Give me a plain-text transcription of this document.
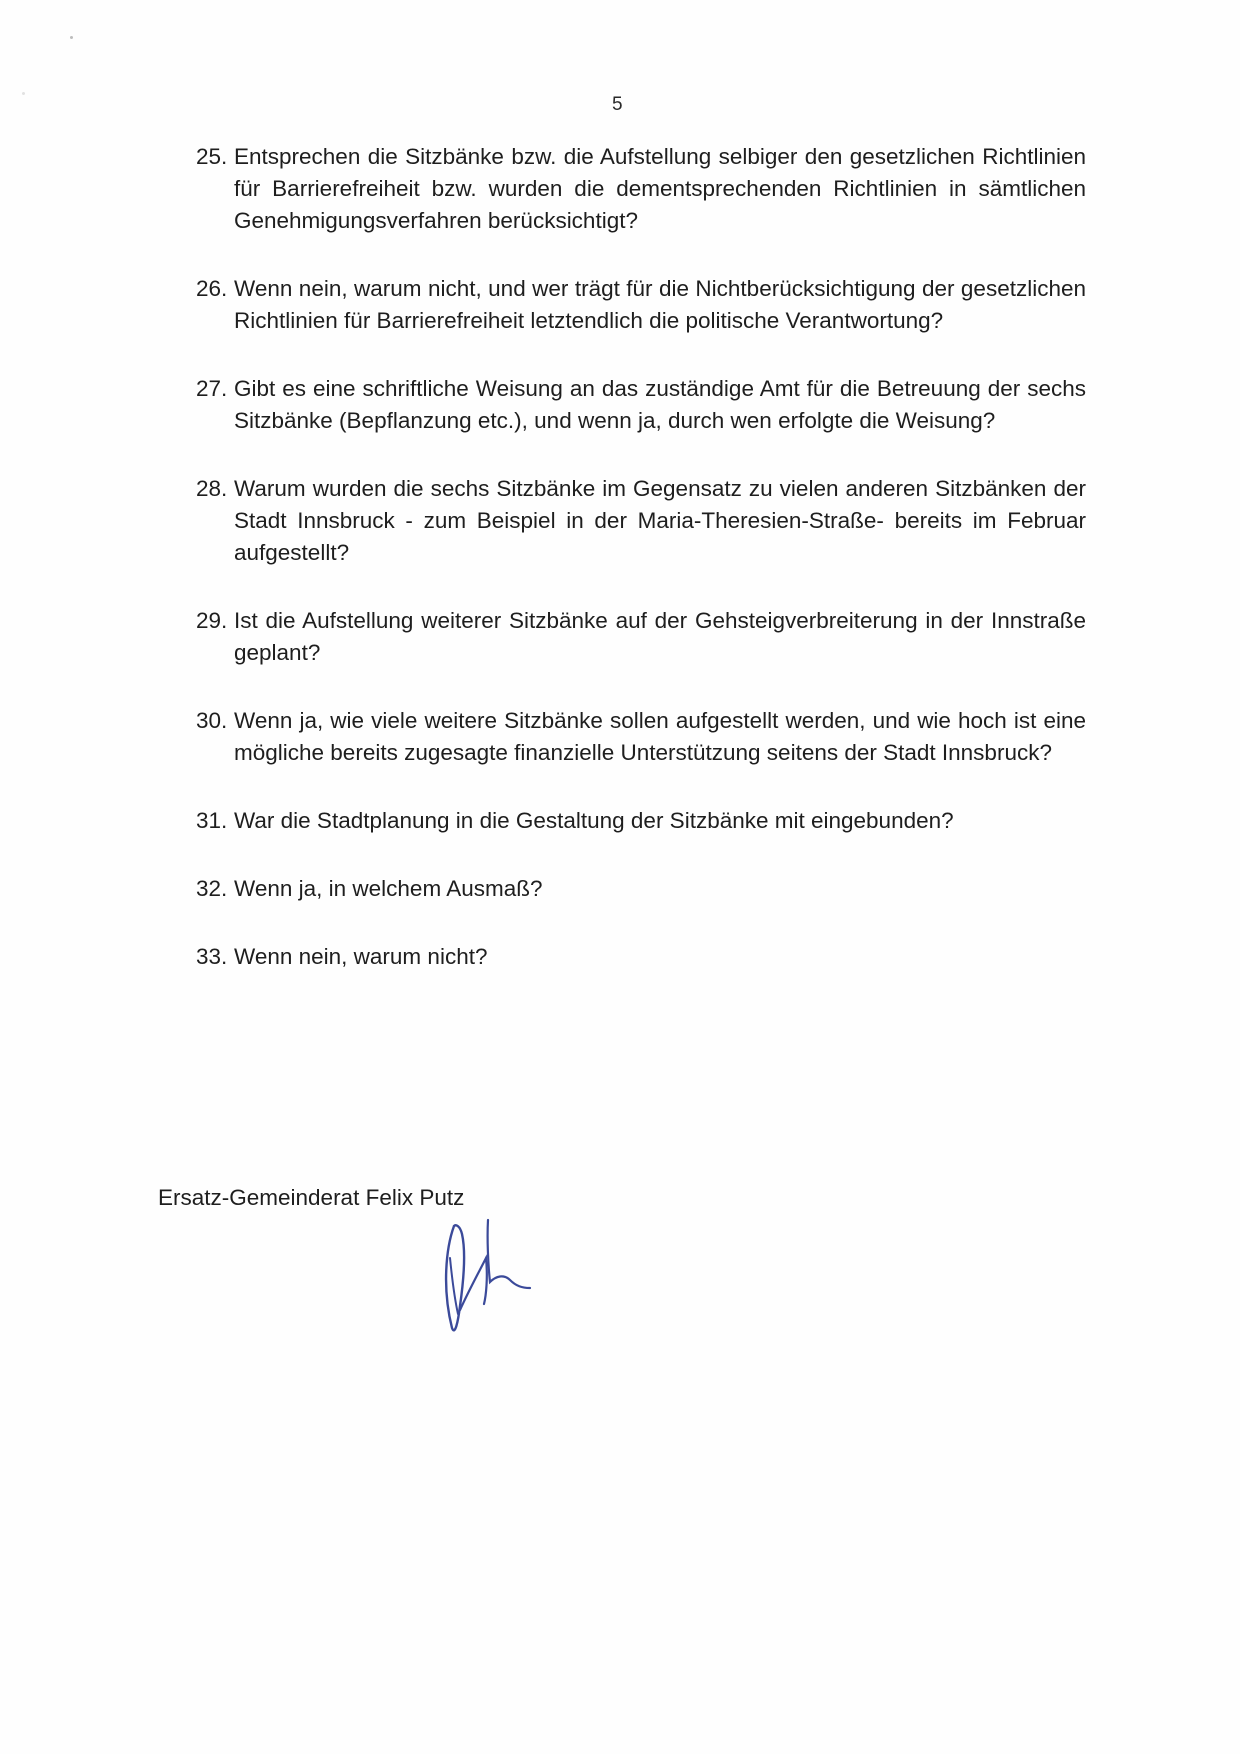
5
25. Entsprechen die Sitzbänke bzw. die Aufstellung selbiger den gesetzlichen Richtlinien für Barrierefreiheit bzw. wurden die dementsprechenden Richtlinien in sämtlichen Genehmigungsverfahren berücksichtigt?
26. Wenn nein, warum nicht, und wer trägt für die Nichtberücksichtigung der gesetzlichen Richtlinien für Barrierefreiheit letztendlich die politische Verantwortung?
27. Gibt es eine schriftliche Weisung an das zuständige Amt für die Betreuung der sechs Sitzbänke (Bepflanzung etc.), und wenn ja, durch wen erfolgte die Weisung?
28. Warum wurden die sechs Sitzbänke im Gegensatz zu vielen anderen Sitzbänken der Stadt Innsbruck - zum Beispiel in der Maria-Theresien-Straße- bereits im Februar aufgestellt?
29. Ist die Aufstellung weiterer Sitzbänke auf der Gehsteigverbreiterung in der Innstraße geplant?
30. Wenn ja, wie viele weitere Sitzbänke sollen aufgestellt werden, und wie hoch ist eine mögliche bereits zugesagte finanzielle Unterstützung seitens der Stadt Innsbruck?
31. War die Stadtplanung in die Gestaltung der Sitzbänke mit eingebunden?
32. Wenn ja, in welchem Ausmaß?
33. Wenn nein, warum nicht?
Ersatz-Gemeinderat Felix Putz
